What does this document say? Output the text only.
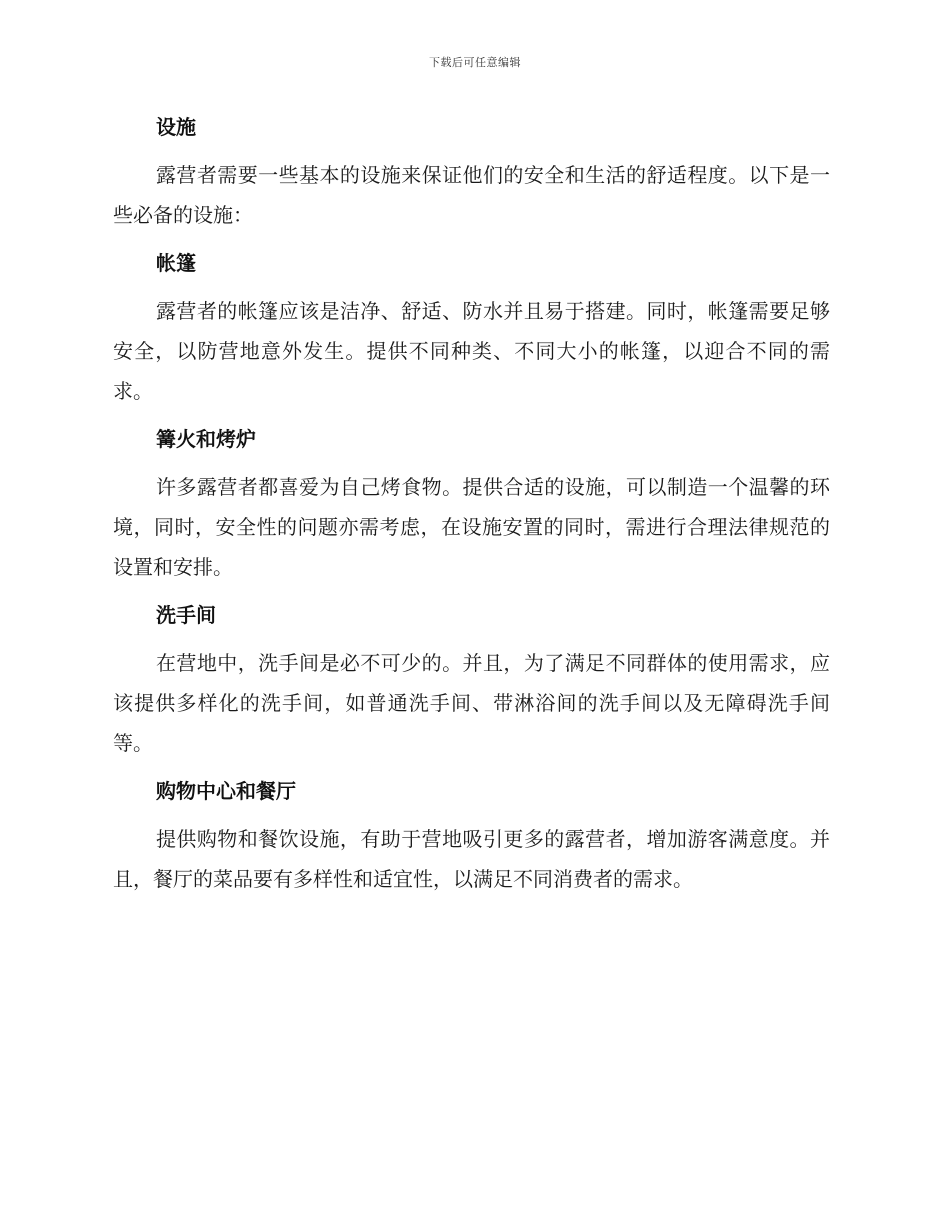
下载后可任意编辑
设施

露营者需要一些基本的设施来保证他们的安全和生活的舒适程度。以下是一些必备的设施：

帐篷

露营者的帐篷应该是洁净、舒适、防水并且易于搭建。同时，帐篷需要足够安全，以防营地意外发生。提供不同种类、不同大小的帐篷，以迎合不同的需求。

篝火和烤炉

许多露营者都喜爱为自己烤食物。提供合适的设施，可以制造一个温馨的环境，同时，安全性的问题亦需考虑，在设施安置的同时，需进行合理法律规范的设置和安排。

洗手间

在营地中，洗手间是必不可少的。并且，为了满足不同群体的使用需求，应该提供多样化的洗手间，如普通洗手间、带淋浴间的洗手间以及无障碍洗手间等。

购物中心和餐厅

提供购物和餐饮设施，有助于营地吸引更多的露营者，增加游客满意度。并且，餐厅的菜品要有多样性和适宜性，以满足不同消费者的需求。
